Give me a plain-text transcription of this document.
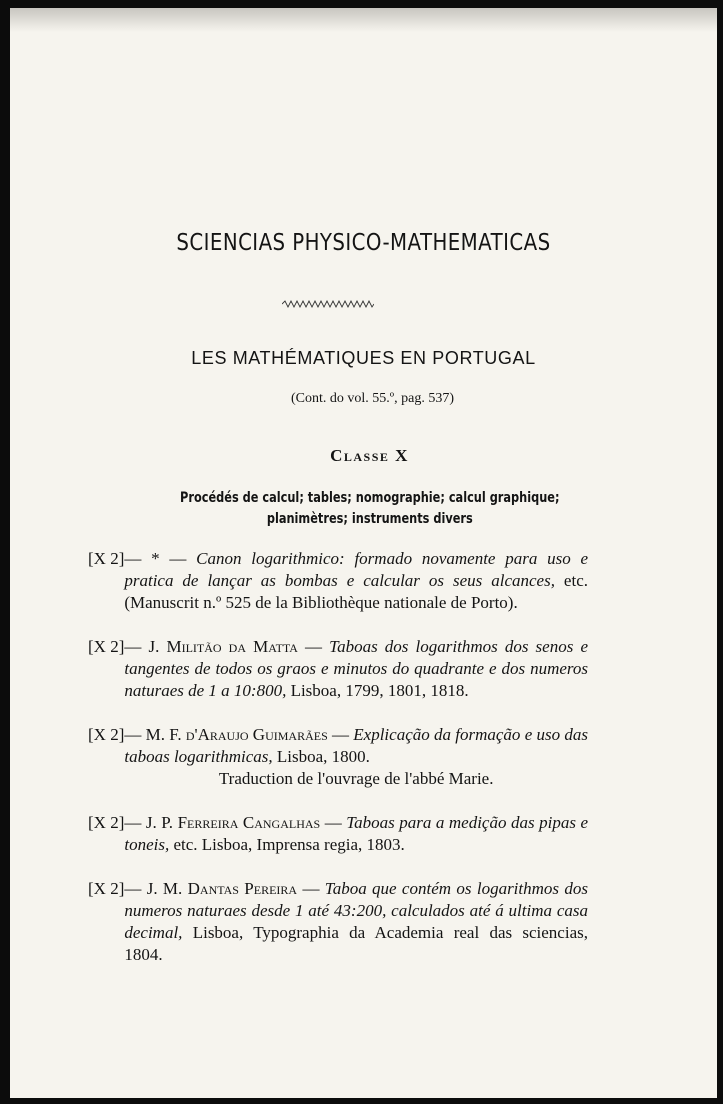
SCIENCIAS PHYSICO-MATHEMATICAS
LES MATHÉMATIQUES EN PORTUGAL
(Cont. do vol. 55.º, pag. 537)
Classe X
Procédés de calcul; tables; nomographie; calcul graphique;
planimètres; instruments divers
[X 2] — * — Canon logarithmico: formado novamente para uso e pratica de lançar as bombas e calcular os seus alcances, etc. (Manuscrit n.º 525 de la Bibliothèque nationale de Porto).
[X 2] — J. Militão da Matta — Taboas dos logarithmos dos senos e tangentes de todos os graos e minutos do quadrante e dos numeros naturaes de 1 a 10:800, Lisboa, 1799, 1801, 1818.
[X 2] — M. F. d'Araujo Guimarães — Explicação da formação e uso das taboas logarithmicas, Lisboa, 1800.
Traduction de l'ouvrage de l'abbé Marie.
[X 2] — J. P. Ferreira Cangalhas — Taboas para a medição das pipas e toneis, etc. Lisboa, Imprensa regia, 1803.
[X 2] — J. M. Dantas Pereira — Taboa que contém os logarithmos dos numeros naturaes desde 1 até 43:200, calculados até á ultima casa decimal, Lisboa, Typographia da Academia real das sciencias, 1804.
